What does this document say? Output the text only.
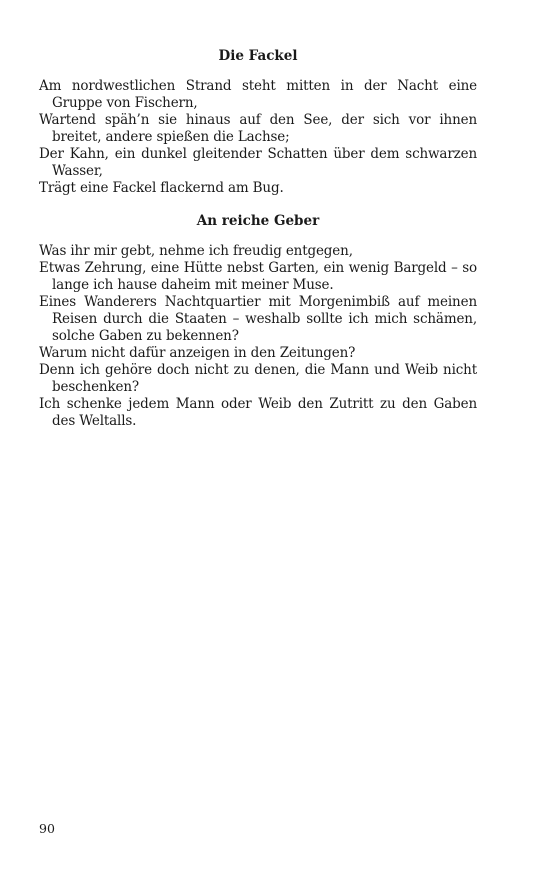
Die Fackel

Am nordwestlichen Strand steht mitten in der Nacht eine Gruppe von Fischern,

Wartend späh’n sie hinaus auf den See, der sich vor ihnen breitet, andere spießen die Lachse;

Der Kahn, ein dunkel gleitender Schatten über dem schwarzen Wasser,

Trägt eine Fackel flackernd am Bug.

An reiche Geber

Was ihr mir gebt, nehme ich freudig entgegen,

Etwas Zehrung, eine Hütte nebst Garten, ein wenig Bargeld – so lange ich hause daheim mit meiner Muse.

Eines Wanderers Nachtquartier mit Morgenimbiß auf meinen Reisen durch die Staaten – weshalb sollte ich mich schämen, solche Gaben zu bekennen?

Warum nicht dafür anzeigen in den Zeitungen?

Denn ich gehöre doch nicht zu denen, die Mann und Weib nicht beschenken?

Ich schenke jedem Mann oder Weib den Zutritt zu den Gaben des Weltalls.

90
